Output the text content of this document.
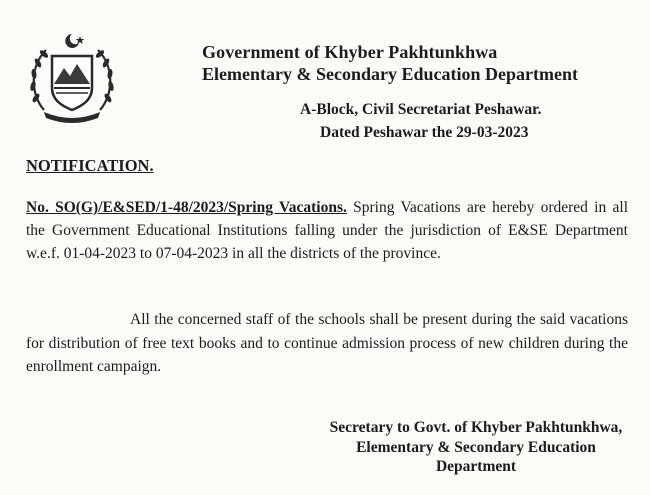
Government of Khyber Pakhtunkhwa
Elementary & Secondary Education Department
A-Block, Civil Secretariat Peshawar.
Dated Peshawar the 29-03-2023
NOTIFICATION.
No. SO(G)/E&SED/1-48/2023/Spring Vacations. Spring Vacations are hereby ordered in all the Government Educational Institutions falling under the jurisdiction of E&SE Department w.e.f. 01-04-2023 to 07-04-2023 in all the districts of the province.
All the concerned staff of the schools shall be present during the said vacations for distribution of free text books and to continue admission process of new children during the enrollment campaign.
Secretary to Govt. of Khyber Pakhtunkhwa,
Elementary & Secondary Education
Department
